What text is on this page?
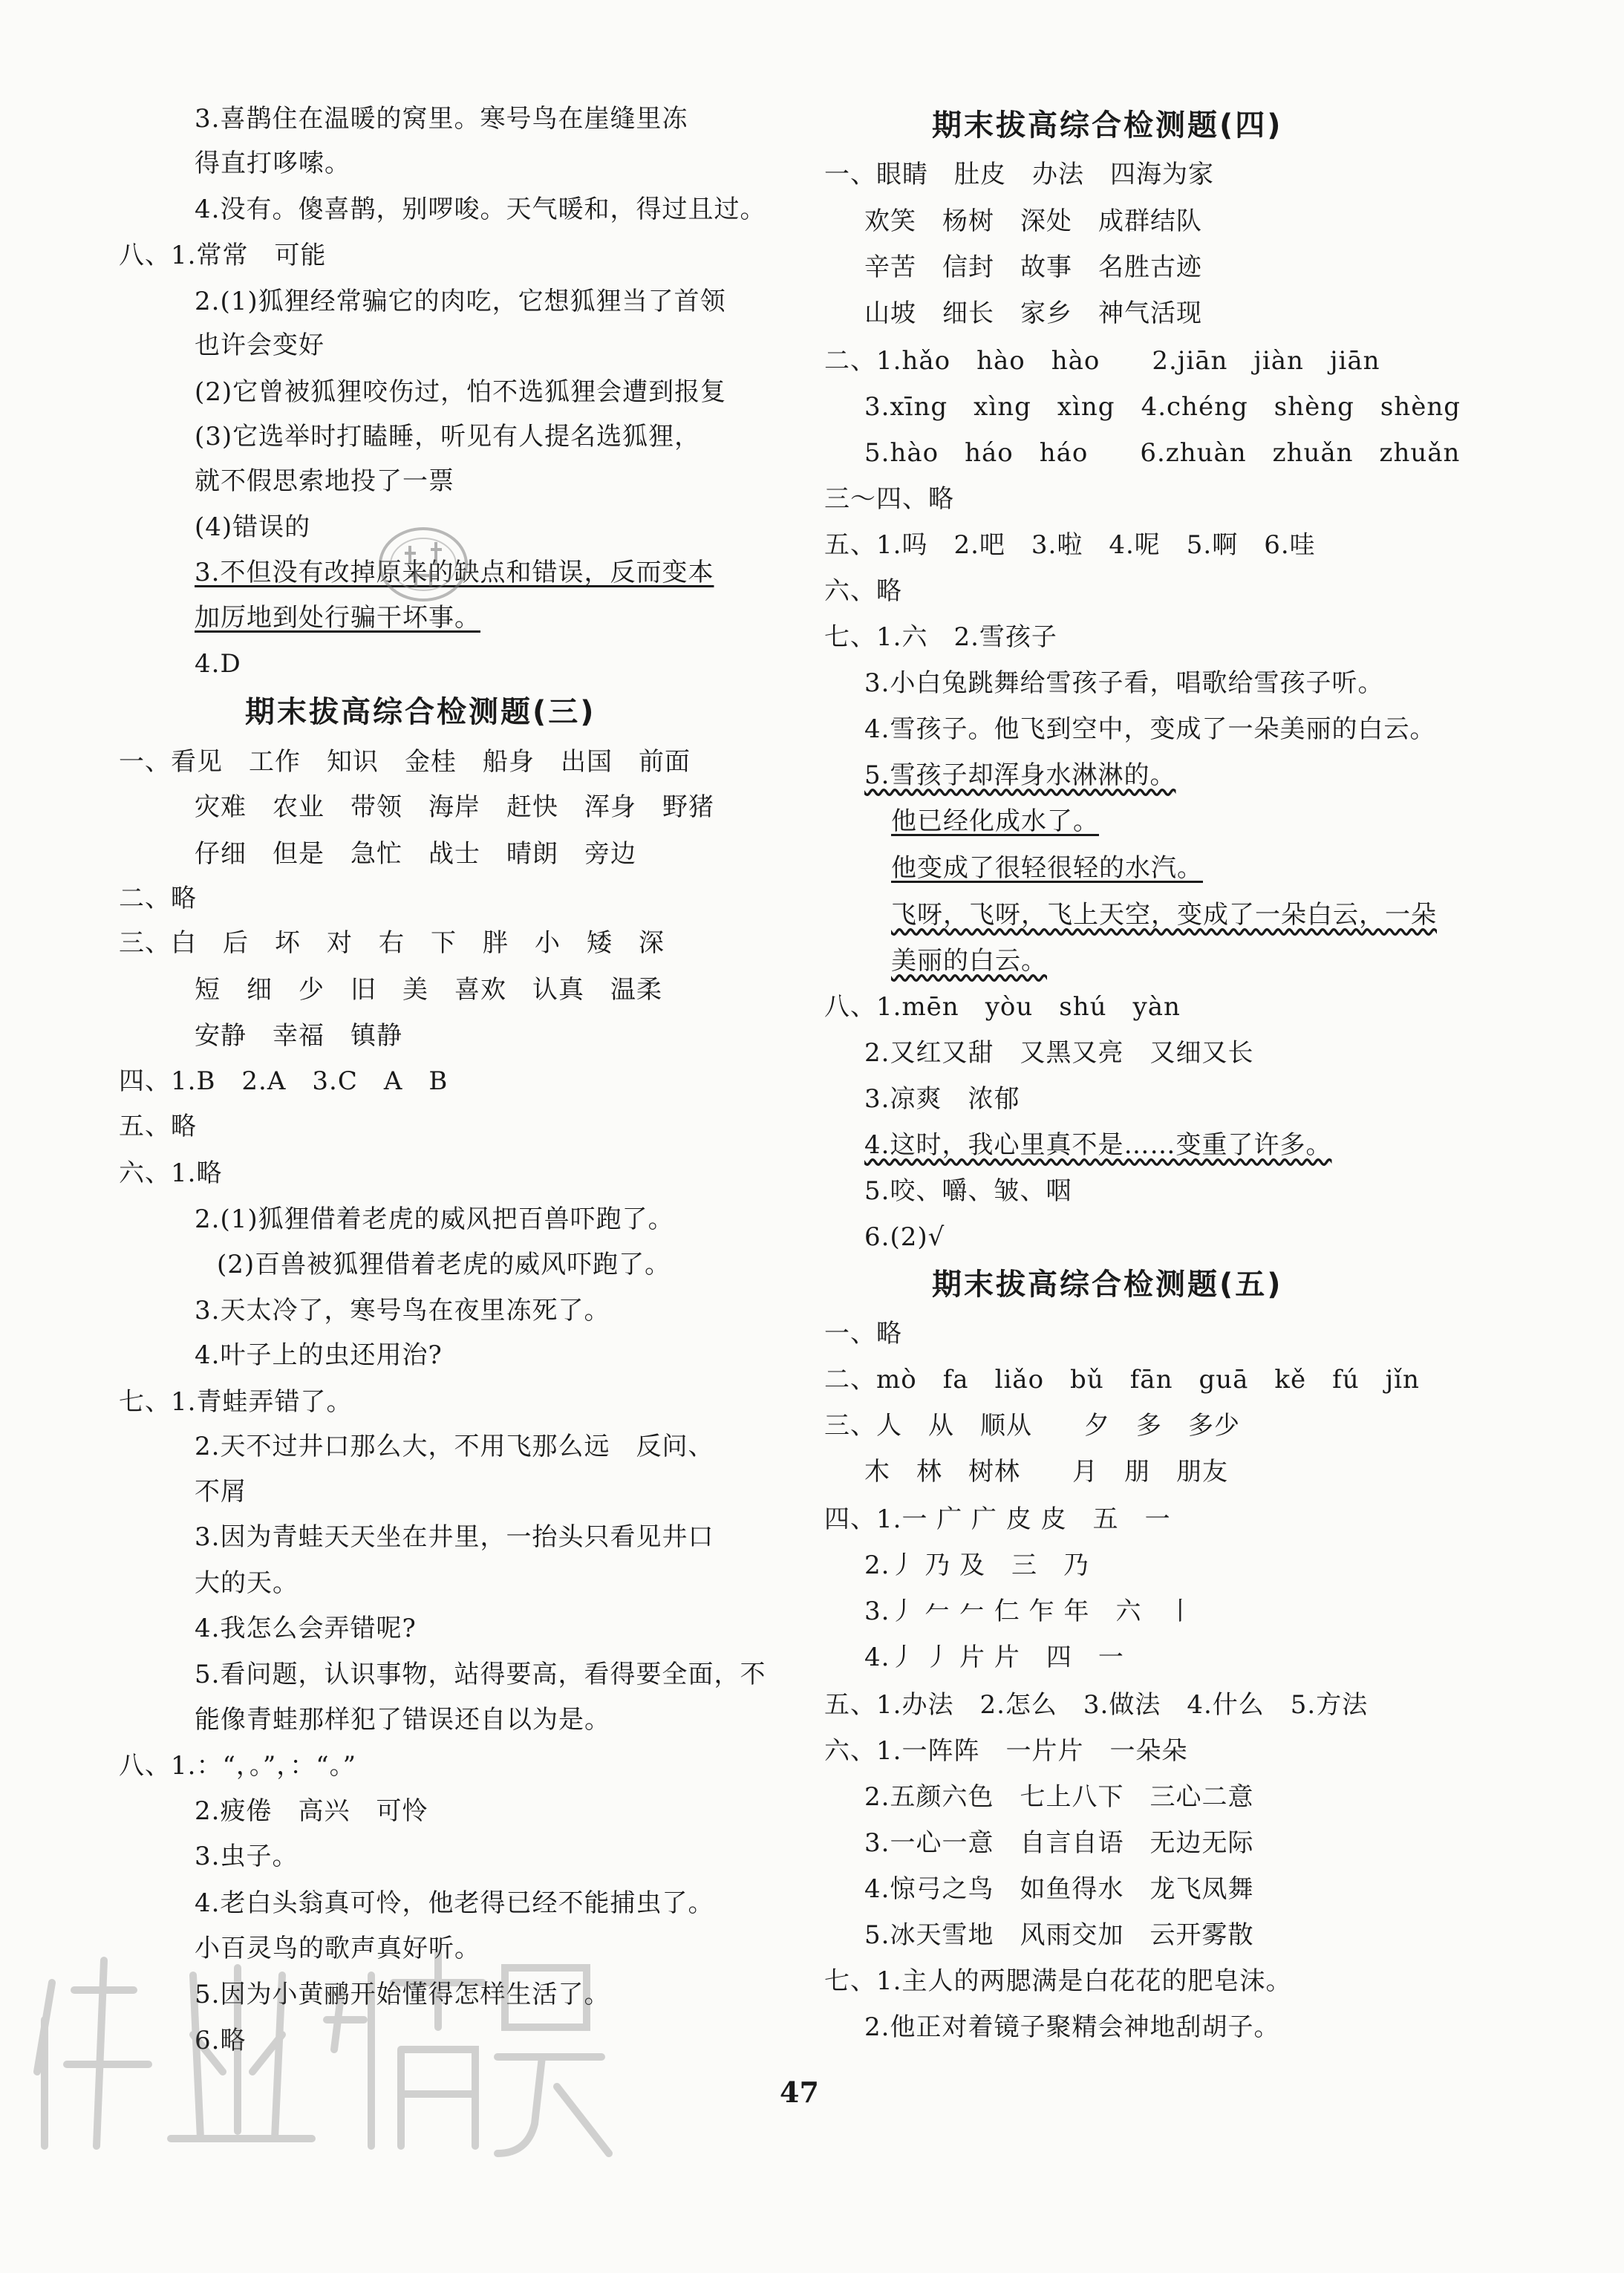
3.喜鹊住在温暖的窝里。寒号鸟在崖缝里冻
得直打哆嗦。
4.没有。傻喜鹊，别啰唆。天气暖和，得过且过。
八、1.常常　可能
2.(1)狐狸经常骗它的肉吃，它想狐狸当了首领
也许会变好
(2)它曾被狐狸咬伤过，怕不选狐狸会遭到报复
(3)它选举时打瞌睡，听见有人提名选狐狸，
就不假思索地投了一票
(4)错误的
3.不但没有改掉原来的缺点和错误，反而变本
加厉地到处行骗干坏事。
4.D
期末拔高综合检测题(三)
一、看见　工作　知识　金桂　船身　出国　前面
灾难　农业　带领　海岸　赶快　浑身　野猪
仔细　但是　急忙　战士　晴朗　旁边
二、略
三、白　后　坏　对　右　下　胖　小　矮　深
短　细　少　旧　美　喜欢　认真　温柔
安静　幸福　镇静
四、1.B　2.A　3.C　A　B
五、略
六、1.略
2.(1)狐狸借着老虎的威风把百兽吓跑了。
(2)百兽被狐狸借着老虎的威风吓跑了。
3.天太冷了，寒号鸟在夜里冻死了。
4.叶子上的虫还用治?
七、1.青蛙弄错了。
2.天不过井口那么大，不用飞那么远　反问、
不屑
3.因为青蛙天天坐在井里，一抬头只看见井口
大的天。
4.我怎么会弄错呢?
5.看问题，认识事物，站得要高，看得要全面，不
能像青蛙那样犯了错误还自以为是。
八、1.：“，。”，：“。”
2.疲倦　高兴　可怜
3.虫子。
4.老白头翁真可怜，他老得已经不能捕虫了。
小百灵鸟的歌声真好听。
5.因为小黄鹂开始懂得怎样生活了。
6.略
期末拔高综合检测题(四)
一、眼睛　肚皮　办法　四海为家
欢笑　杨树　深处　成群结队
辛苦　信封　故事　名胜古迹
山坡　细长　家乡　神气活现
二、1.hǎo　hào　hào　　2.jiān　jiàn　jiān
3.xīng　xìng　xìng　4.chéng　shèng　shèng
5.hào　háo　háo　　6.zhuàn　zhuǎn　zhuǎn
三～四、略
五、1.吗　2.吧　3.啦　4.呢　5.啊　6.哇
六、略
七、1.六　2.雪孩子
3.小白兔跳舞给雪孩子看，唱歌给雪孩子听。
4.雪孩子。他飞到空中，变成了一朵美丽的白云。
5.雪孩子却浑身水淋淋的。
他已经化成水了。
他变成了很轻很轻的水汽。
飞呀，飞呀，飞上天空，变成了一朵白云，一朵
美丽的白云。
八、1.mēn　yòu　shú　yàn
2.又红又甜　又黑又亮　又细又长
3.凉爽　浓郁
4.这时，我心里真不是……变重了许多。
5.咬、嚼、皱、咽
6.(2)√
期末拔高综合检测题(五)
一、略
二、mò　fa　liǎo　bǔ　fān　guā　kě　fú　jǐn
三、人　从　顺从　　夕　多　多少
木　林　树林　　月　朋　朋友
四、1.一 广 广 皮 皮　五　一
2.丿 乃 及　三　乃
3.丿 𠂉 𠂉 仁 乍 年　六　丨
4.丿 丿 片 片　四　一
五、1.办法　2.怎么　3.做法　4.什么　5.方法
六、1.一阵阵　一片片　一朵朵
2.五颜六色　七上八下　三心二意
3.一心一意　自言自语　无边无际
4.惊弓之鸟　如鱼得水　龙飞凤舞
5.冰天雪地　风雨交加　云开雾散
七、1.主人的两腮满是白花花的肥皂沫。
2.他正对着镜子聚精会神地刮胡子。
47
